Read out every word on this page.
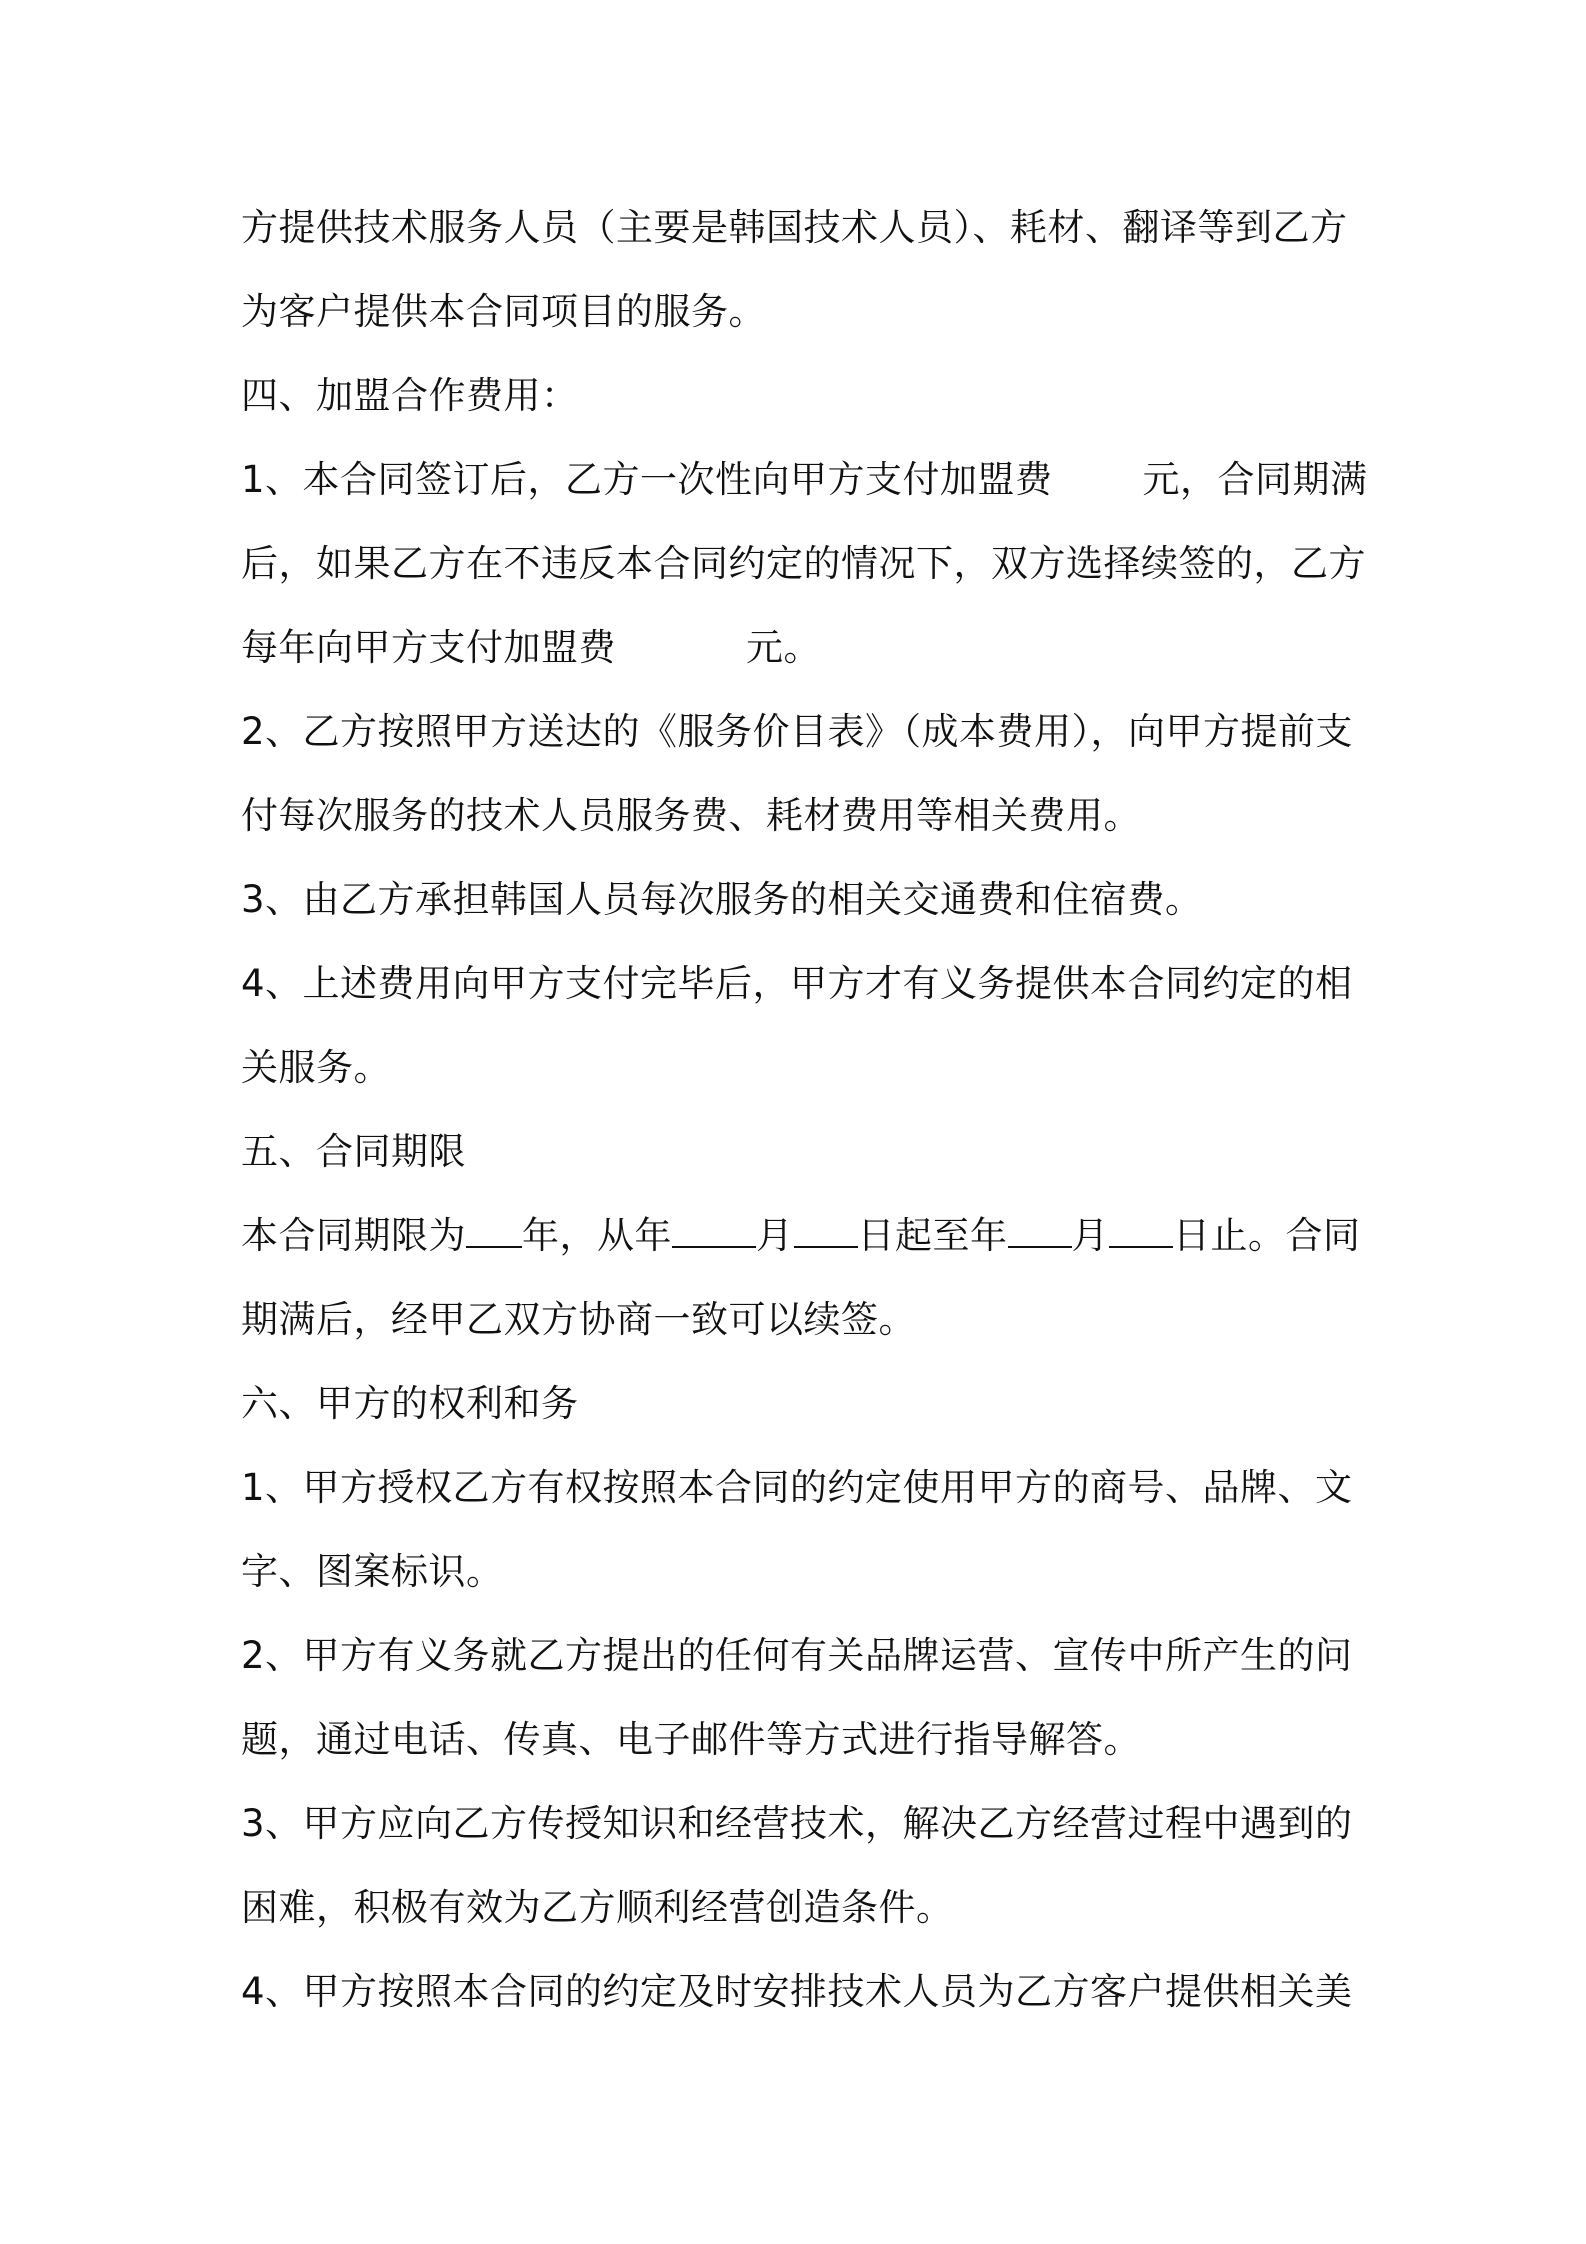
方提供技术服务人员（主要是韩国技术人员）、耗材、翻译等到乙方
为客户提供本合同项目的服务。
四、加盟合作费用：
1、本合同签订后，乙方一次性向甲方支付加盟费 元，合同期满
后，如果乙方在不违反本合同约定的情况下，双方选择续签的，乙方
每年向甲方支付加盟费	元。
2、乙方按照甲方送达的《服务价目表》（成本费用），向甲方提前支
付每次服务的技术人员服务费、耗材费用等相关费用。
3、由乙方承担韩国人员每次服务的相关交通费和住宿费。
4、上述费用向甲方支付完毕后，甲方才有义务提供本合同约定的相
关服务。
五、合同期限
本合同期限为 年，从年 月 日起至年 月 日止。合同
期满后，经甲乙双方协商一致可以续签。
六、甲方的权利和务
1、甲方授权乙方有权按照本合同的约定使用甲方的商号、品牌、文
字、图案标识。
2、甲方有义务就乙方提出的任何有关品牌运营、宣传中所产生的问
题，通过电话、传真、电子邮件等方式进行指导解答。
3、甲方应向乙方传授知识和经营技术，解决乙方经营过程中遇到的
困难，积极有效为乙方顺利经营创造条件。
4、甲方按照本合同的约定及时安排技术人员为乙方客户提供相关美
